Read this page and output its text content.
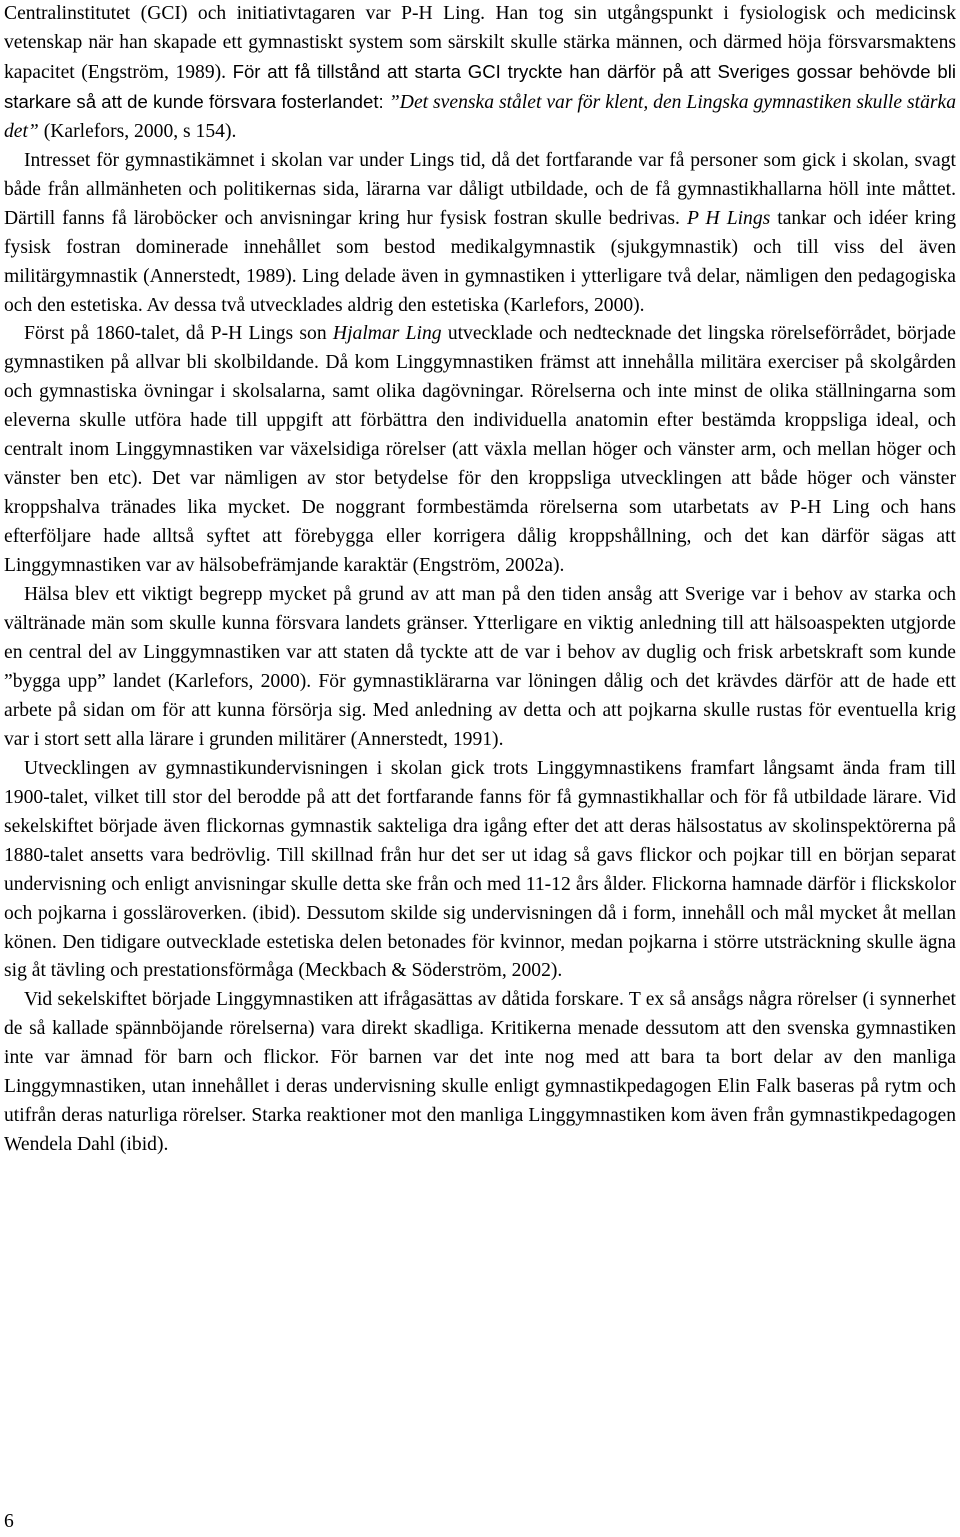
Centralinstitutet (GCI) och initiativtagaren var P-H Ling. Han tog sin utgångspunkt i fysiologisk och medicinsk vetenskap när han skapade ett gymnastiskt system som särskilt skulle stärka männen, och därmed höja försvarsmaktens kapacitet (Engström, 1989). För att få tillstånd att starta GCI tryckte han därför på att Sveriges gossar behövde bli starkare så att de kunde försvara fosterlandet: ”Det svenska stålet var för klent, den Lingska gymnastiken skulle stärka det” (Karlefors, 2000, s 154).

Intresset för gymnastikämnet i skolan var under Lings tid, då det fortfarande var få personer som gick i skolan, svagt både från allmänheten och politikernas sida, lärarna var dåligt utbildade, och de få gymnastikhallarna höll inte måttet. Därtill fanns få läroböcker och anvisningar kring hur fysisk fostran skulle bedrivas. P H Lings tankar och idéer kring fysisk fostran dominerade innehållet som bestod medikalgymnastik (sjukgymnastik) och till viss del även militärgymnastik (Annerstedt, 1989). Ling delade även in gymnastiken i ytterligare två delar, nämligen den pedagogiska och den estetiska. Av dessa två utvecklades aldrig den estetiska (Karlefors, 2000).

Först på 1860-talet, då P-H Lings son Hjalmar Ling utvecklade och nedtecknade det lingska rörelseförrådet, började gymnastiken på allvar bli skolbildande. Då kom Linggymnastiken främst att innehålla militära exerciser på skolgården och gymnastiska övningar i skolsalarna, samt olika dagövningar. Rörelserna och inte minst de olika ställningarna som eleverna skulle utföra hade till uppgift att förbättra den individuella anatomin efter bestämda kroppsliga ideal, och centralt inom Linggymnastiken var växelsidiga rörelser (att växla mellan höger och vänster arm, och mellan höger och vänster ben etc). Det var nämligen av stor betydelse för den kroppsliga utvecklingen att både höger och vänster kroppshalva tränades lika mycket. De noggrant formbestämda rörelserna som utarbetats av P-H Ling och hans efterföljare hade alltså syftet att förebygga eller korrigera dålig kroppshållning, och det kan därför sägas att Linggymnastiken var av hälsobefrämjande karaktär (Engström, 2002a).

Hälsa blev ett viktigt begrepp mycket på grund av att man på den tiden ansåg att Sverige var i behov av starka och vältränade män som skulle kunna försvara landets gränser. Ytterligare en viktig anledning till att hälsoaspekten utgjorde en central del av Linggymnastiken var att staten då tyckte att de var i behov av duglig och frisk arbetskraft som kunde ”bygga upp” landet (Karlefors, 2000). För gymnastiklärarna var löningen dålig och det krävdes därför att de hade ett arbete på sidan om för att kunna försörja sig. Med anledning av detta och att pojkarna skulle rustas för eventuella krig var i stort sett alla lärare i grunden militärer (Annerstedt, 1991).

Utvecklingen av gymnastikundervisningen i skolan gick trots Linggymnastikens framfart långsamt ända fram till 1900-talet, vilket till stor del berodde på att det fortfarande fanns för få gymnastikhallar och för få utbildade lärare. Vid sekelskiftet började även flickornas gymnastik sakteliga dra igång efter det att deras hälsostatus av skolinspektörerna på 1880-talet ansetts vara bedrövlig. Till skillnad från hur det ser ut idag så gavs flickor och pojkar till en början separat undervisning och enligt anvisningar skulle detta ske från och med 11-12 års ålder. Flickorna hamnade därför i flickskolor och pojkarna i gossläroverken. (ibid). Dessutom skilde sig undervisningen då i form, innehåll och mål mycket åt mellan könen. Den tidigare outvecklade estetiska delen betonades för kvinnor, medan pojkarna i större utsträckning skulle ägna sig åt tävling och prestationsförmåga (Meckbach & Söderström, 2002).

Vid sekelskiftet började Linggymnastiken att ifrågasättas av dåtida forskare. T ex så ansågs några rörelser (i synnerhet de så kallade spännböjande rörelserna) vara direkt skadliga. Kritikerna menade dessutom att den svenska gymnastiken inte var ämnad för barn och flickor. För barnen var det inte nog med att bara ta bort delar av den manliga Linggymnastiken, utan innehållet i deras undervisning skulle enligt gymnastikpedagogen Elin Falk baseras på rytm och utifrån deras naturliga rörelser. Starka reaktioner mot den manliga Linggymnastiken kom även från gymnastikpedagogen Wendela Dahl (ibid).

6
